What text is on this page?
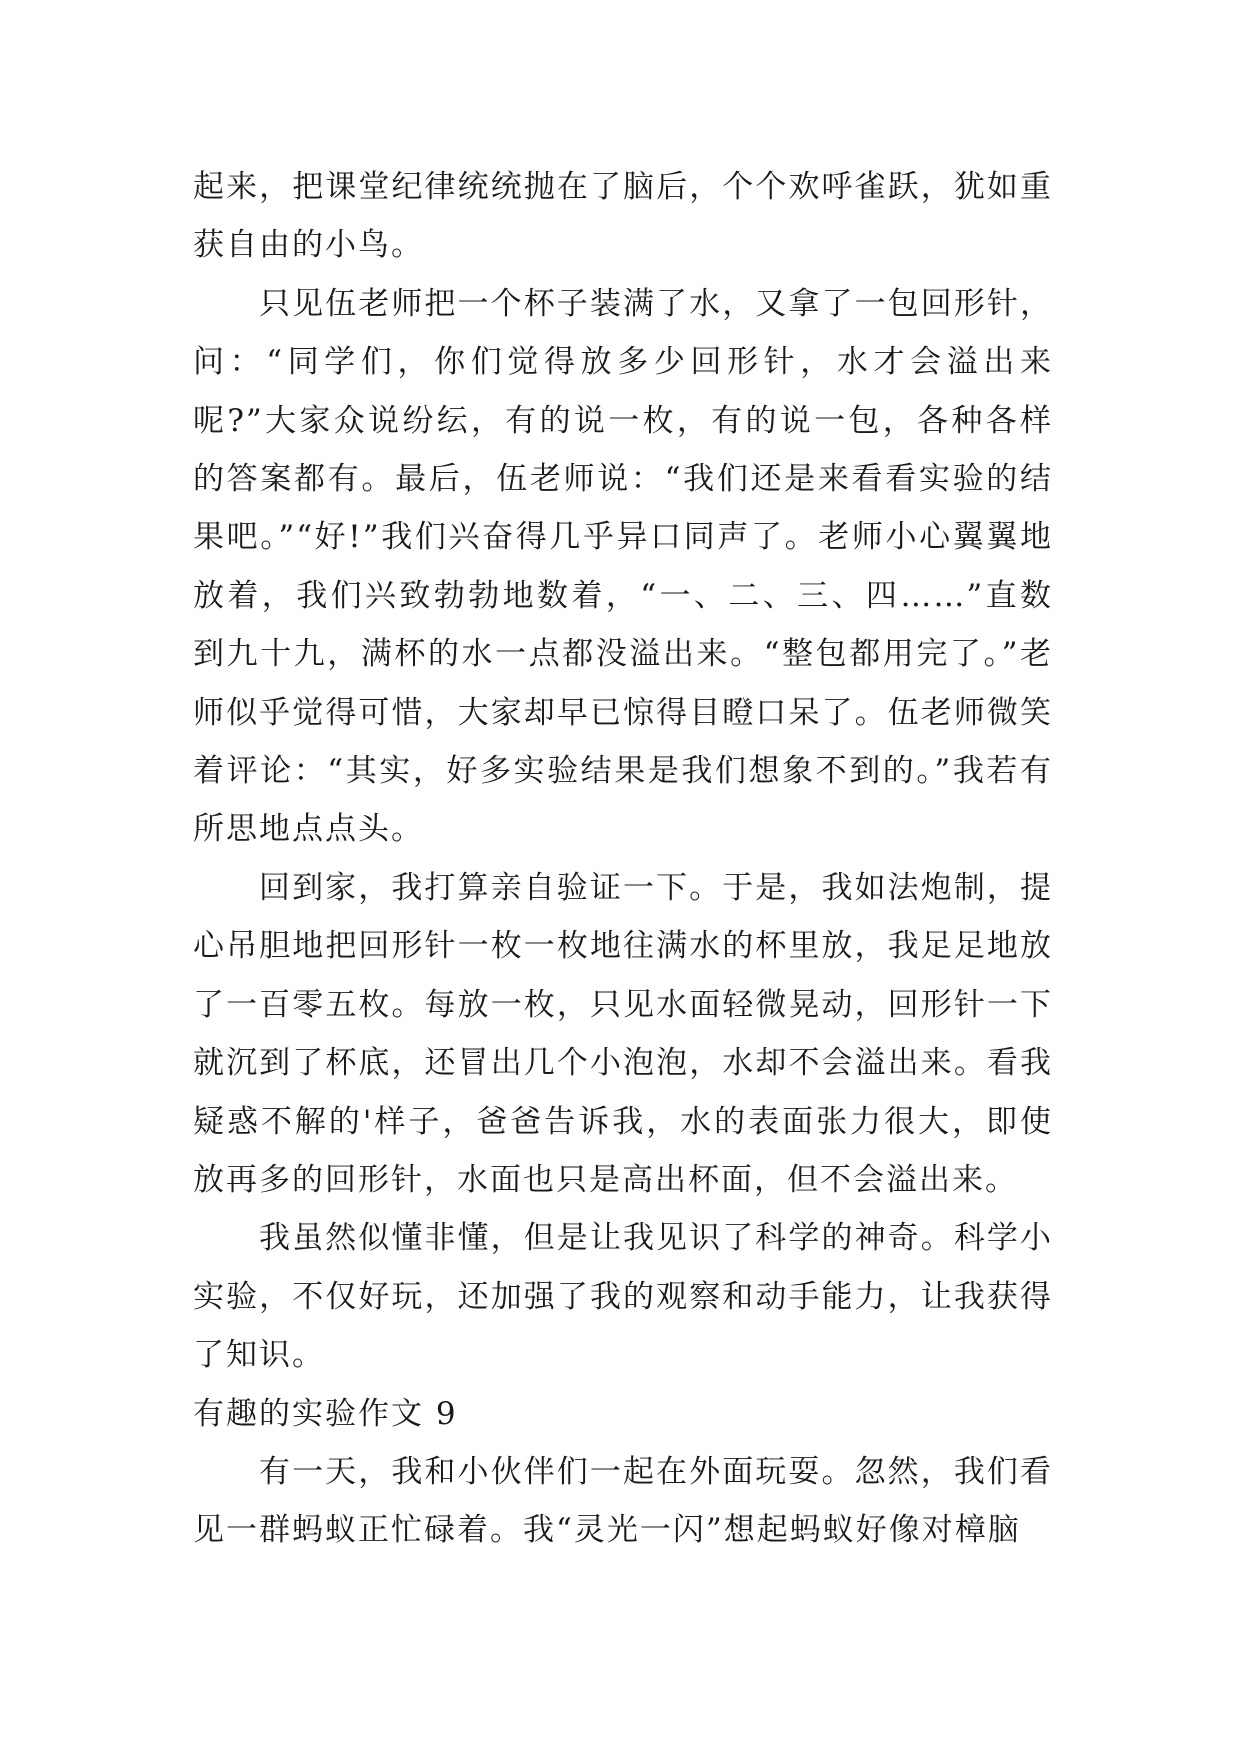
起来，把课堂纪律统统抛在了脑后，个个欢呼雀跃，犹如重获自由的小鸟。

只见伍老师把一个杯子装满了水，又拿了一包回形针，问：“同学们，你们觉得放多少回形针，水才会溢出来呢?”大家众说纷纭，有的说一枚，有的说一包，各种各样的答案都有。最后，伍老师说：“我们还是来看看实验的结果吧。”“好!”我们兴奋得几乎异口同声了。老师小心翼翼地放着，我们兴致勃勃地数着，“一、二、三、四……”直数到九十九，满杯的水一点都没溢出来。“整包都用完了。”老师似乎觉得可惜，大家却早已惊得目瞪口呆了。伍老师微笑着评论：“其实，好多实验结果是我们想象不到的。”我若有所思地点点头。

回到家，我打算亲自验证一下。于是，我如法炮制，提心吊胆地把回形针一枚一枚地往满水的杯里放，我足足地放了一百零五枚。每放一枚，只见水面轻微晃动，回形针一下就沉到了杯底，还冒出几个小泡泡，水却不会溢出来。看我疑惑不解的'样子，爸爸告诉我，水的表面张力很大，即使放再多的回形针，水面也只是高出杯面，但不会溢出来。

我虽然似懂非懂，但是让我见识了科学的神奇。科学小实验，不仅好玩，还加强了我的观察和动手能力，让我获得了知识。

有趣的实验作文 9

有一天，我和小伙伴们一起在外面玩耍。忽然，我们看见一群蚂蚁正忙碌着。我“灵光一闪”想起蚂蚁好像对樟脑
